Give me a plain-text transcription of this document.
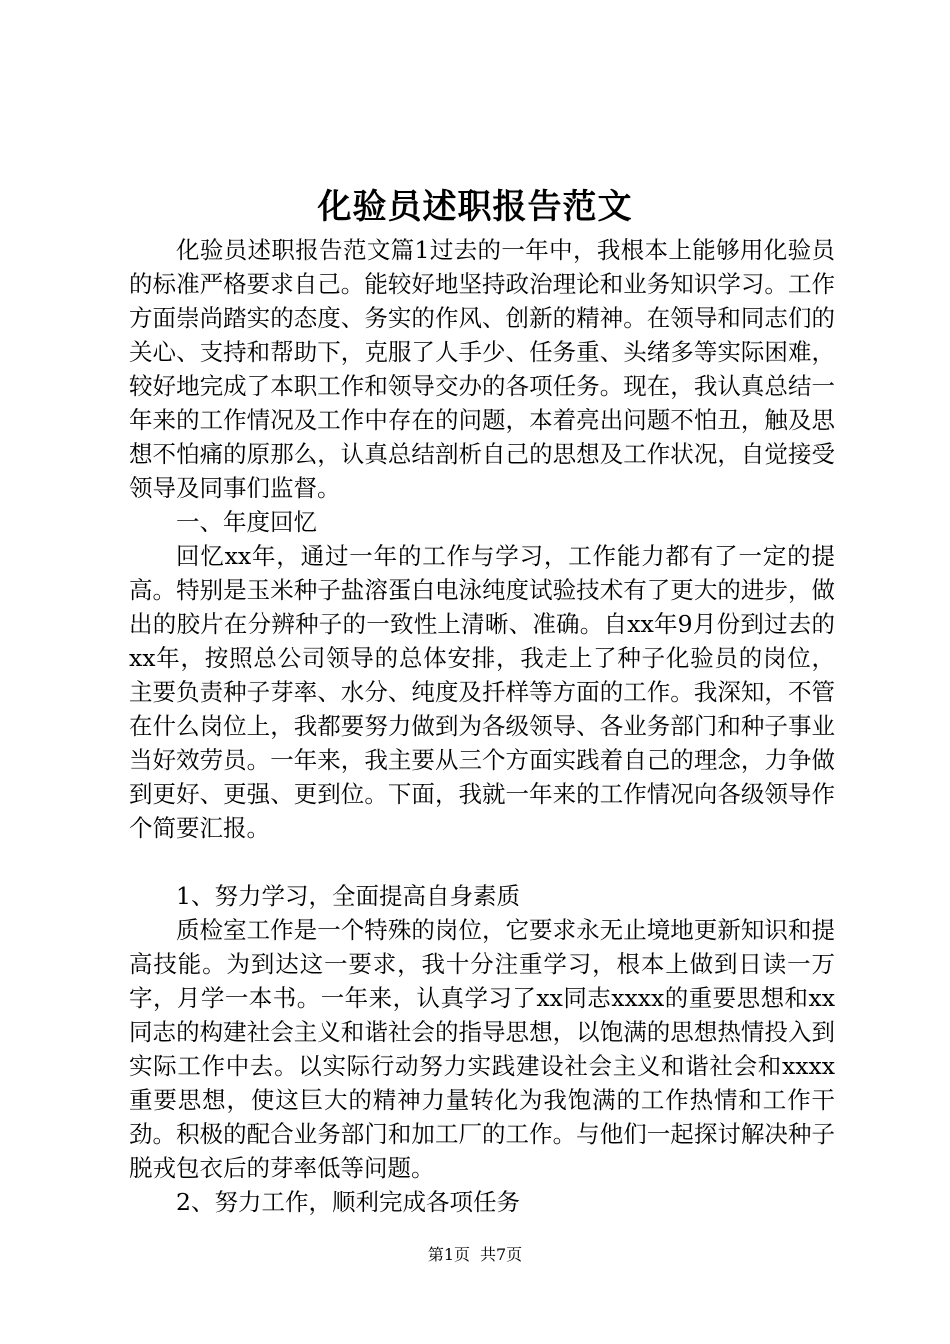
化验员述职报告范文

化验员述职报告范文篇1过去的一年中，我根本上能够用化验员的标准严格要求自己。能较好地坚持政治理论和业务知识学习。工作方面崇尚踏实的态度、务实的作风、创新的精神。在领导和同志们的关心、支持和帮助下，克服了人手少、任务重、头绪多等实际困难，较好地完成了本职工作和领导交办的各项任务。现在，我认真总结一年来的工作情况及工作中存在的问题，本着亮出问题不怕丑，触及思想不怕痛的原那么，认真总结剖析自己的思想及工作状况，自觉接受领导及同事们监督。

一、年度回忆

回忆xx年，通过一年的工作与学习，工作能力都有了一定的提高。特别是玉米种子盐溶蛋白电泳纯度试验技术有了更大的进步，做出的胶片在分辨种子的一致性上清晰、准确。自xx年9月份到过去的xx年，按照总公司领导的总体安排，我走上了种子化验员的岗位，主要负责种子芽率、水分、纯度及扦样等方面的工作。我深知，不管在什么岗位上，我都要努力做到为各级领导、各业务部门和种子事业当好效劳员。一年来，我主要从三个方面实践着自己的理念，力争做到更好、更强、更到位。下面，我就一年来的工作情况向各级领导作个简要汇报。

1、努力学习，全面提高自身素质

质检室工作是一个特殊的岗位，它要求永无止境地更新知识和提高技能。为到达这一要求，我十分注重学习，根本上做到日读一万字，月学一本书。一年来，认真学习了xx同志xxxx的重要思想和xx同志的构建社会主义和谐社会的指导思想，以饱满的思想热情投入到实际工作中去。以实际行动努力实践建设社会主义和谐社会和xxxx重要思想，使这巨大的精神力量转化为我饱满的工作热情和工作干劲。积极的配合业务部门和加工厂的工作。与他们一起探讨解决种子脱戎包衣后的芽率低等问题。

2、努力工作，顺利完成各项任务

第1页 共7页
